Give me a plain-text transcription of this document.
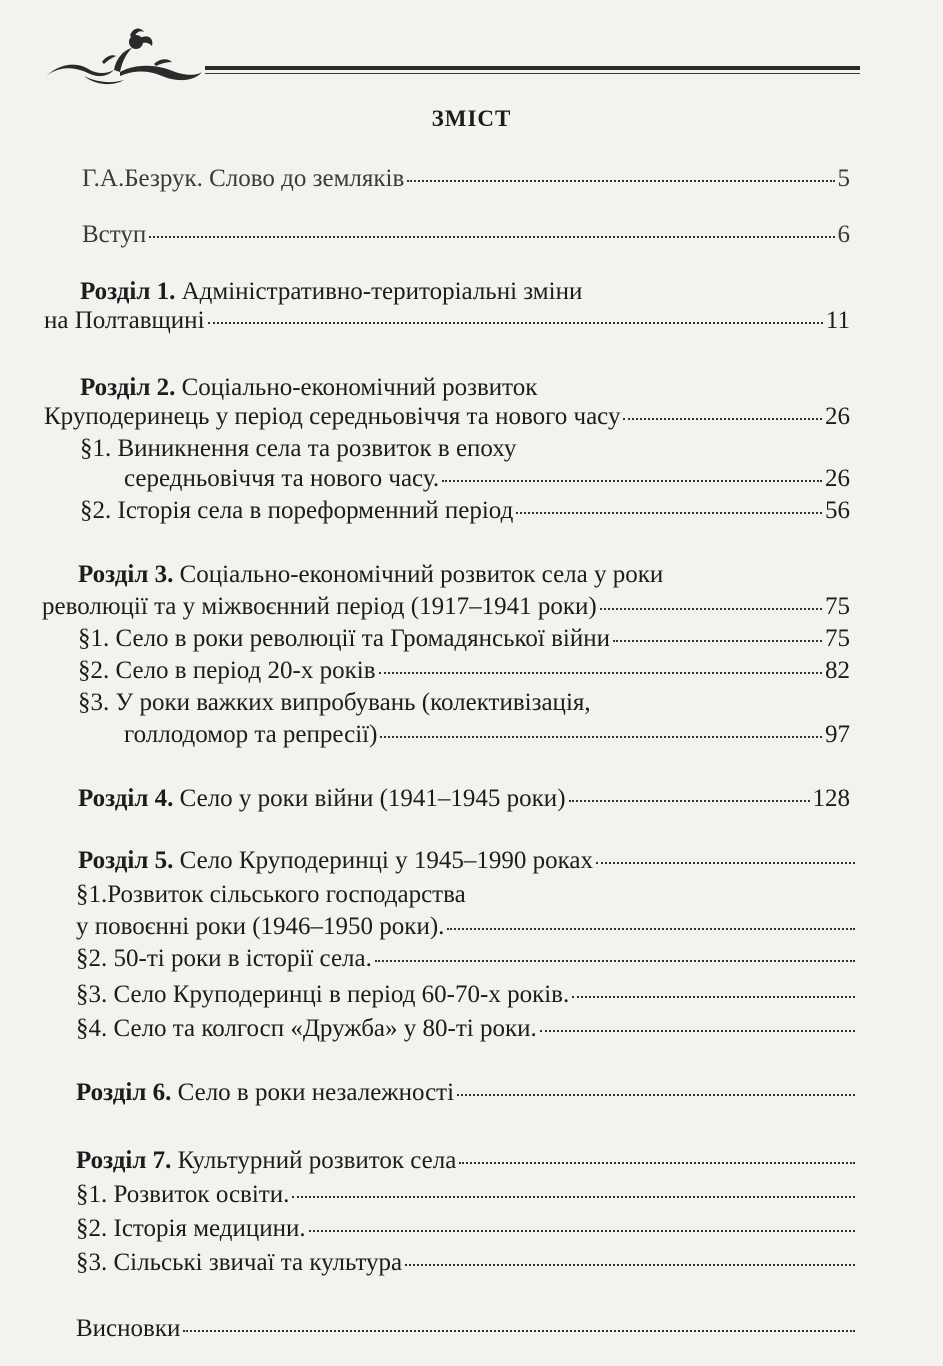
ЗМІСТ
Г.А.Безрук. Слово до земляків	5
Вступ	6
Розділ 1. Адміністративно-територіальні зміни
на Полтавщині	11
Розділ 2. Соціально-економічний розвиток
Круподеринець у період середньовіччя та нового часу	26
§1. Виникнення села та розвиток в епоху
середньовіччя та нового часу.	26
§2. Історія села в пореформенний період	56
Розділ 3. Соціально-економічний розвиток села у роки
революції та у міжвоєнний період (1917–1941 роки)	75
§1. Село в роки революції та Громадянської війни	75
§2. Село в період 20-х років	82
§3. У роки важких випробувань (колективізація,
голлодомор та репресії)	97
Розділ 4. Село у роки війни (1941–1945 роки)	128
Розділ 5. Село Круподеринці у 1945–1990 роках
§1.Розвиток сільського господарства
у повоєнні роки (1946–1950 роки).
§2. 50-ті роки в історії села.
§3. Село Круподеринці в період 60-70-х років.
§4. Село та колгосп «Дружба» у 80-ті роки.
Розділ 6. Село в роки незалежності
Розділ 7. Культурний розвиток села
§1. Розвиток освіти.
§2. Історія медицини.
§3. Сільські звичаї та культура
Висновки
